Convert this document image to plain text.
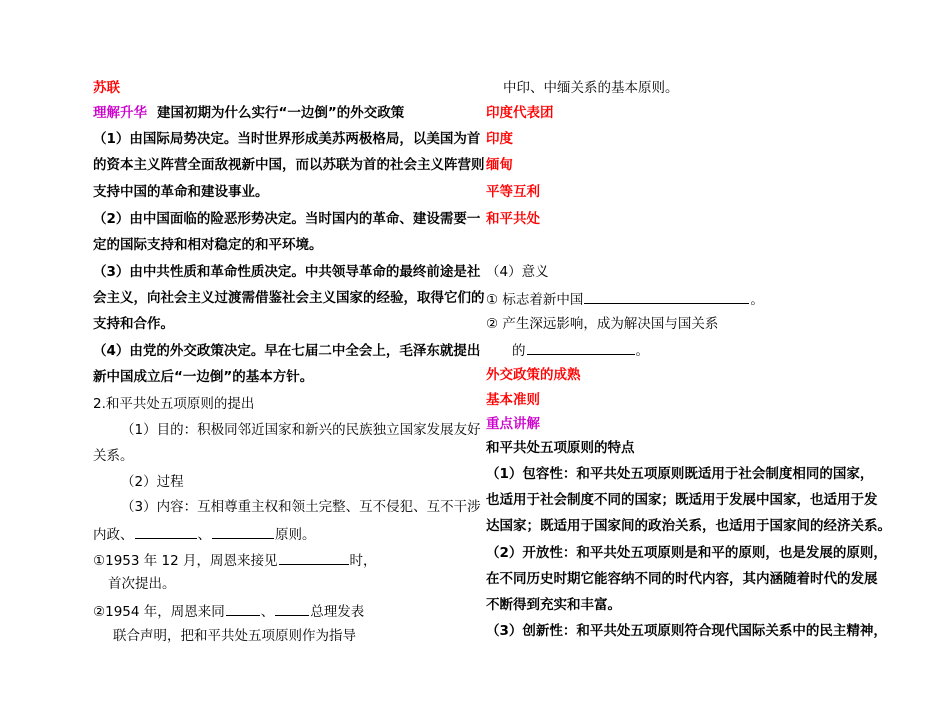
苏联
理解升华 建国初期为什么实行“一边倒”的外交政策
（1）由国际局势决定。当时世界形成美苏两极格局，以美国为首
的资本主义阵营全面敌视新中国，而以苏联为首的社会主义阵营则
支持中国的革命和建设事业。
（2）由中国面临的险恶形势决定。当时国内的革命、建设需要一
定的国际支持和相对稳定的和平环境。
（3）由中共性质和革命性质决定。中共领导革命的最终前途是社
会主义，向社会主义过渡需借鉴社会主义国家的经验，取得它们的
支持和合作。
（4）由党的外交政策决定。早在七届二中全会上，毛泽东就提出
新中国成立后“一边倒”的基本方针。
2.和平共处五项原则的提出
（1）目的：积极同邻近国家和新兴的民族独立国家发展友好
关系。
（2）过程
（3）内容：互相尊重主权和领土完整、互不侵犯、互不干涉
内政、	、	原则。
①1953 年 12 月，周恩来接见	时，
首次提出。
②1954 年，周恩来同	、	总理发表
联合声明，把和平共处五项原则作为指导
中印、中缅关系的基本原则。
印度代表团
印度
缅甸
平等互利
和平共处
（4）意义
① 标志着新中国	。
② 产生深远影响，成为解决国与国关系
的	。
外交政策的成熟
基本准则
重点讲解
和平共处五项原则的特点
（1）包容性：和平共处五项原则既适用于社会制度相同的国家，
也适用于社会制度不同的国家；既适用于发展中国家，也适用于发
达国家；既适用于国家间的政治关系，也适用于国家间的经济关系。
（2）开放性：和平共处五项原则是和平的原则，也是发展的原则，
在不同历史时期它能容纳不同的时代内容，其内涵随着时代的发展
不断得到充实和丰富。
（3）创新性：和平共处五项原则符合现代国际关系中的民主精神，
